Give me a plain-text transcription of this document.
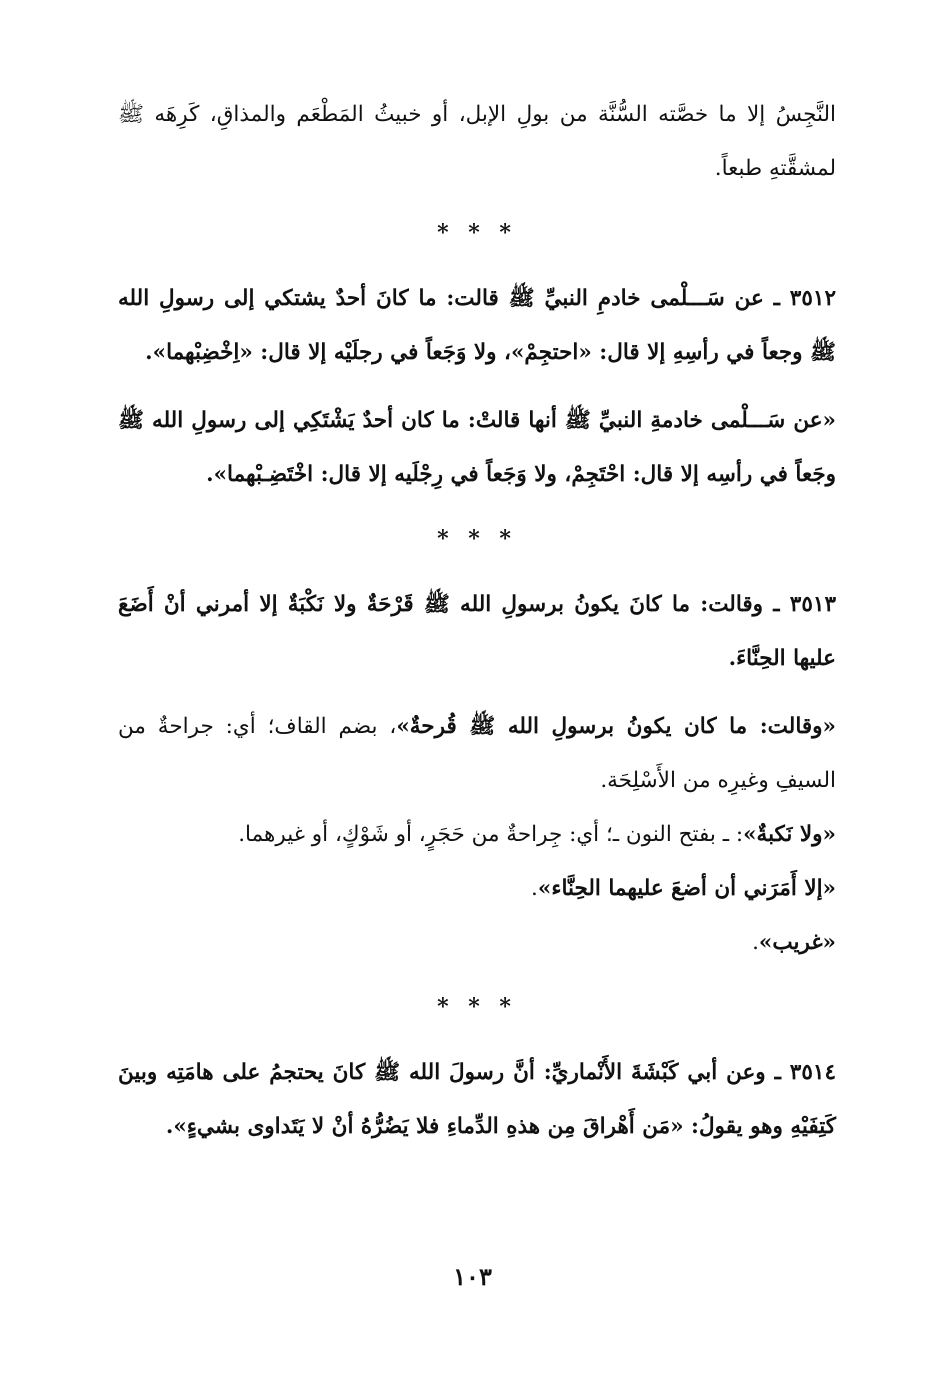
النَّجِسُ إلا ما خصَّته السُّنَّة من بولِ الإبل، أو خبيثُ المَطْعَم والمذاقِ، كَرِهَه ﷺ لمشقَّتهِ طبعاً.

* * *

٣٥١٢ ـ عن سَـــلْمى خادمِ النبيِّ ﷺ قالت: ما كانَ أحدٌ يشتكي إلى رسولِ الله ﷺ وجعاً في رأسِهِ إلا قال: «احتجِمْ»، ولا وَجَعاً في رجلَيْه إلا قال: «اِخْضِبْهما».

«عن سَـــلْمى خادمةِ النبيِّ ﷺ أنها قالتْ: ما كان أحدٌ يَشْتَكِي إلى رسولِ الله ﷺ وجَعاً في رأسِه إلا قال: احْتَجِمْ، ولا وَجَعاً في رِجْلَيه إلا قال: اخْتَضِـبْهما».

* * *

٣٥١٣ ـ وقالت: ما كانَ يكونُ برسولِ الله ﷺ قَرْحَةٌ ولا نَكْبَةٌ إلا أمرني أنْ أَضَعَ عليها الحِنَّاءَ.

«وقالت: ما كان يكونُ برسولِ الله ﷺ قُرحةٌ»، بضم القاف؛ أي: جراحةٌ من السيفِ وغيرِه من الأَسْلِحَة.

«ولا نَكبةٌ»: ـ بفتح النون ـ؛ أي: جِراحةٌ من حَجَرٍ، أو شَوْكٍ، أو غيرهما.

«إلا أَمَرَني أن أضعَ عليهما الحِنَّاء».

«غريب».

* * *

٣٥١٤ ـ وعن أبي كَبْشَةَ الأَنْماريِّ: أنَّ رسولَ الله ﷺ كانَ يحتجمُ على هامَتِه وبينَ كَتِفَيْهِ وهو يقولُ: «مَن أَهْراقَ مِن هذهِ الدِّماءِ فلا يَضُرُّهُ أنْ لا يَتَداوى بشيءٍ».

١٠٣
